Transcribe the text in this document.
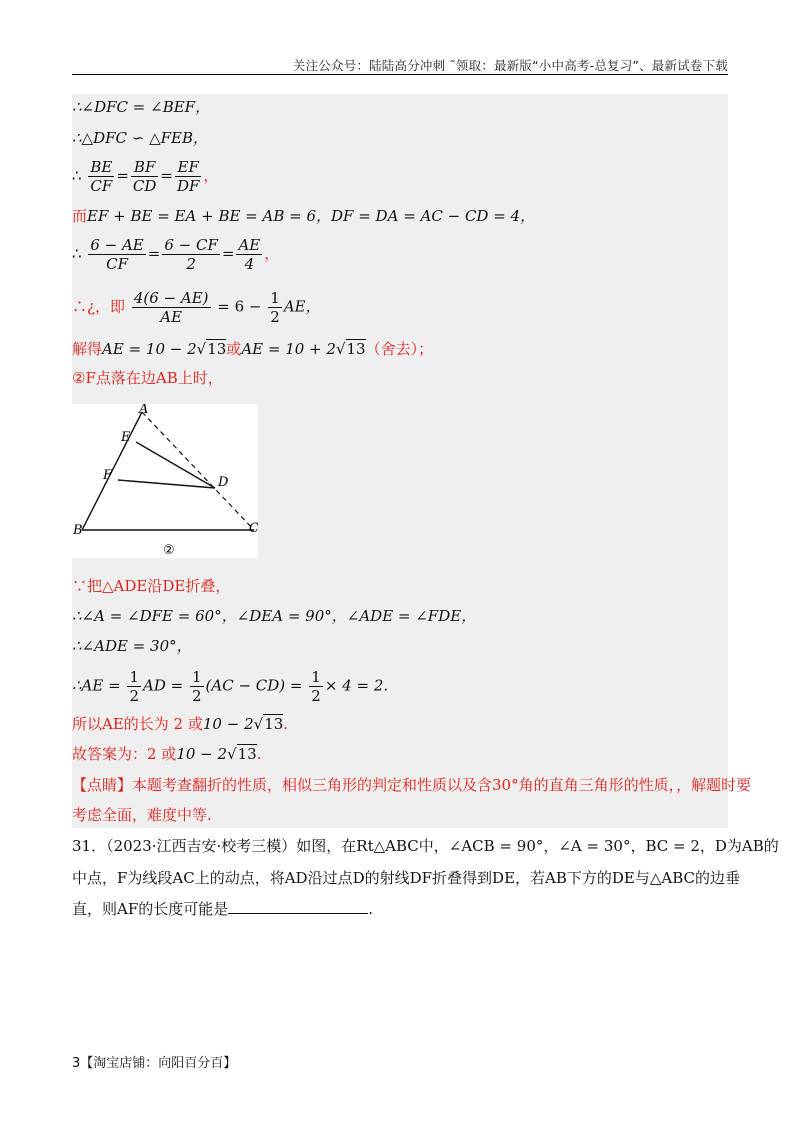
关注公众号：陆陆高分冲刺 ˜领取：最新版“小中高考-总复习”、最新试卷下载
∴∠DFC = ∠BEF，
∴△DFC ∽ △FEB，
∴ $\frac{BE}{CF} = \frac{BF}{CD} = \frac{EF}{DF}$ ，
而EF + BE = EA + BE = AB = 6，DF = DA = AC − CD = 4，
∴ $\frac{6 - AE}{CF} = \frac{6 - CF}{2} = \frac{AE}{4}$ ，
∴¿，即 $\frac{4(6 - AE)}{AE} = 6 - \frac{1}{2}$ AE，
解得AE = 10 − 2√13或AE = 10 + 2√13（舍去）；
②F点落在边AB上时，
A
E
F	D
B	C
②
∵把△ADE沿DE折叠，
∴∠A = ∠DFE = 60°，∠DEA = 90°，∠ADE = ∠FDE，
∴∠ADE = 30°，
∴AE = $\frac{1}{2}$ AD = $\frac{1}{2} (AC - CD) = \frac{1}{2} \times 4 = 2$.
所以AE的长为 2 或10 − 2√13.
故答案为：2 或10 − 2√13.
【点睛】本题考查翻折的性质，相似三角形的判定和性质以及含30°角的直角三角形的性质，，解题时要
考虑全面，难度中等.
31．（2023·江西吉安·校考三模）如图，在Rt△ABC中，∠ACB = 90°，∠A = 30°，BC = 2，D为AB的
中点，F为线段AC上的动点，将AD沿过点D的射线DF折叠得到DE，若AB下方的DE与△ABC的边垂
直，则AF的长度可能是	.
3【淘宝店铺：向阳百分百】
